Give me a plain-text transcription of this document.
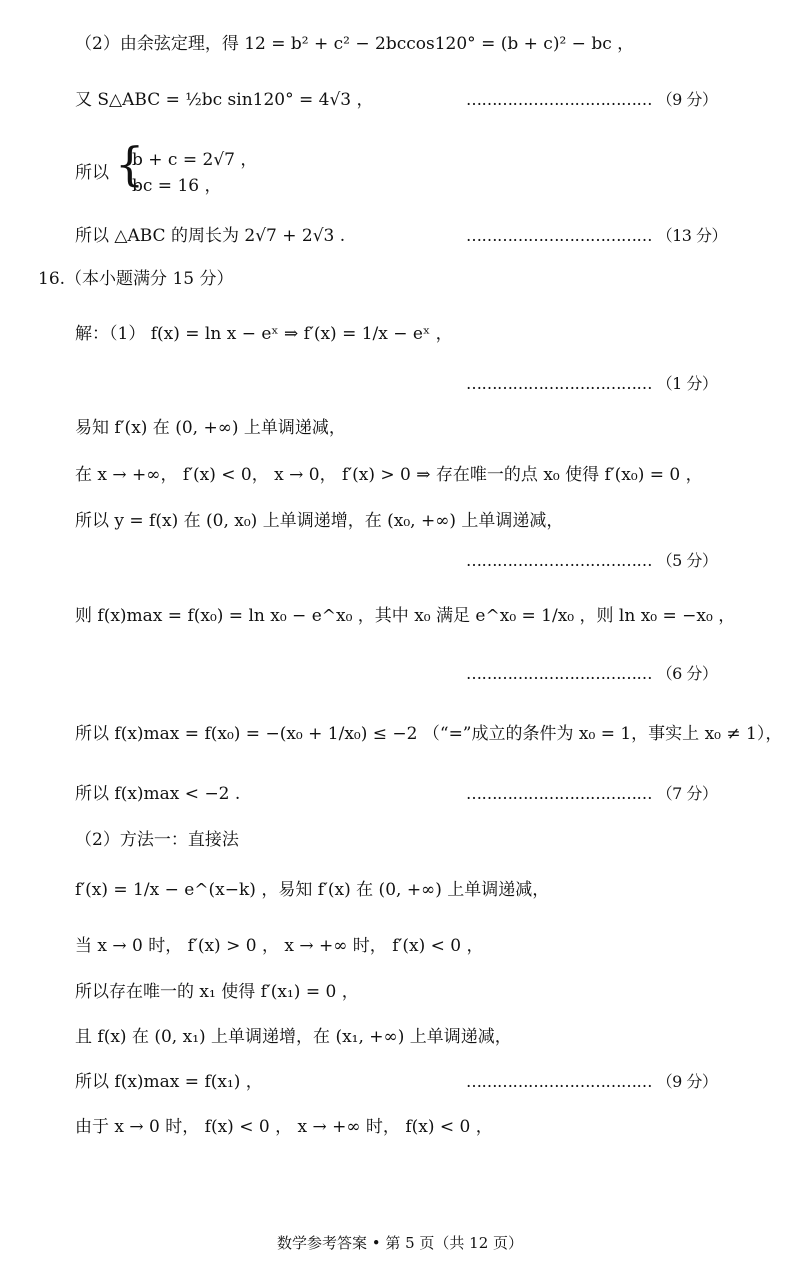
（2）由余弦定理，得 12 = b² + c² − 2bccos120° = (b + c)² − bc ，
又 S△ABC = ½bc sin120° = 4√3 ，	……………………………… （9 分）
所以 {
b + c = 2√7 ，
bc = 16 ，
所以 △ABC 的周长为 2√7 + 2√3 .	……………………………… （13 分）
16.（本小题满分 15 分）
解：（1） f(x) = ln x − eˣ ⇒ f′(x) = 1/x − eˣ ，
……………………………… （1 分）
易知 f′(x) 在 (0, +∞) 上单调递减，
在 x → +∞， f′(x) < 0， x → 0， f′(x) > 0 ⇒ 存在唯一的点 x₀ 使得 f′(x₀) = 0 ，
所以 y = f(x) 在 (0, x₀) 上单调递增，在 (x₀, +∞) 上单调递减，
……………………………… （5 分）
则 f(x)max = f(x₀) = ln x₀ − e^x₀ ，其中 x₀ 满足 e^x₀ = 1/x₀ ，则 ln x₀ = −x₀ ，
……………………………… （6 分）
所以 f(x)max = f(x₀) = −(x₀ + 1/x₀) ≤ −2 （“=”成立的条件为 x₀ = 1，事实上 x₀ ≠ 1），
所以 f(x)max < −2 .	……………………………… （7 分）
（2）方法一：直接法
f′(x) = 1/x − e^(x−k) ，易知 f′(x) 在 (0, +∞) 上单调递减，
当 x → 0 时， f′(x) > 0 ， x → +∞ 时， f′(x) < 0 ，
所以存在唯一的 x₁ 使得 f′(x₁) = 0 ，
且 f(x) 在 (0, x₁) 上单调递增，在 (x₁, +∞) 上单调递减，
所以 f(x)max = f(x₁) ，	……………………………… （9 分）
由于 x → 0 时， f(x) < 0 ， x → +∞ 时， f(x) < 0 ，
数学参考答案 • 第 5 页（共 12 页）
